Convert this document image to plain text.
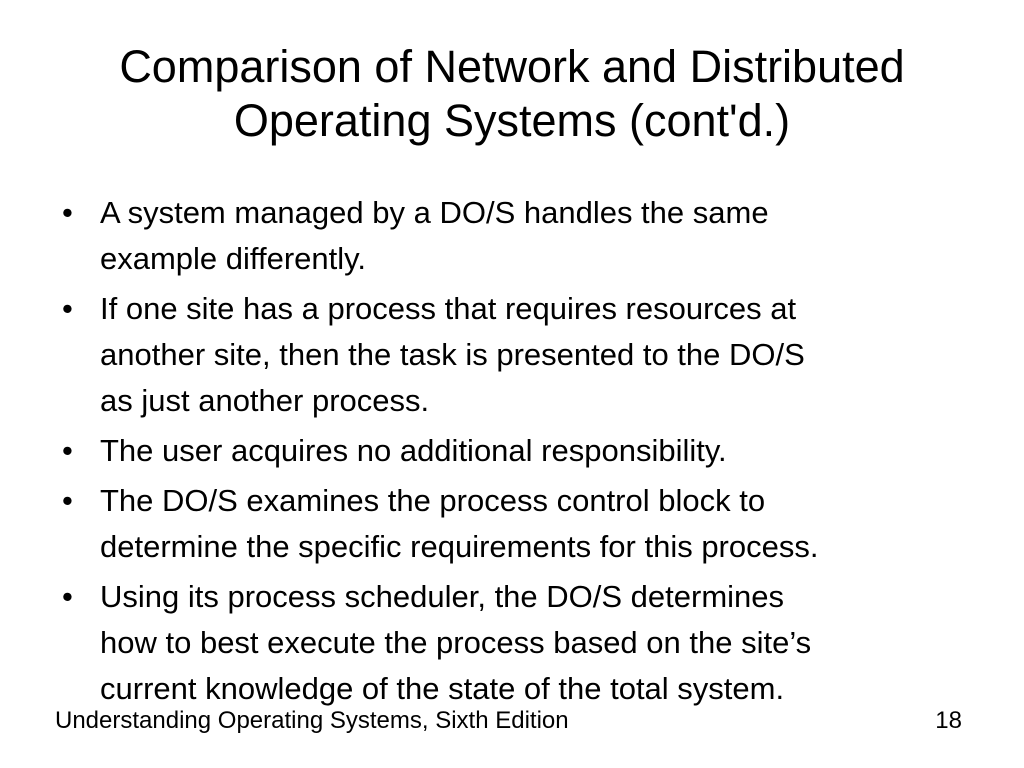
Comparison of Network and Distributed
Operating Systems (cont'd.)
• A system managed by a DO/S handles the same
example differently.
• If one site has a process that requires resources at
another site, then the task is presented to the DO/S
as just another process.
• The user acquires no additional responsibility.
• The DO/S examines the process control block to
determine the specific requirements for this process.
• Using its process scheduler, the DO/S determines
how to best execute the process based on the site’s
current knowledge of the state of the total system.
Understanding Operating Systems, Sixth Edition	18
